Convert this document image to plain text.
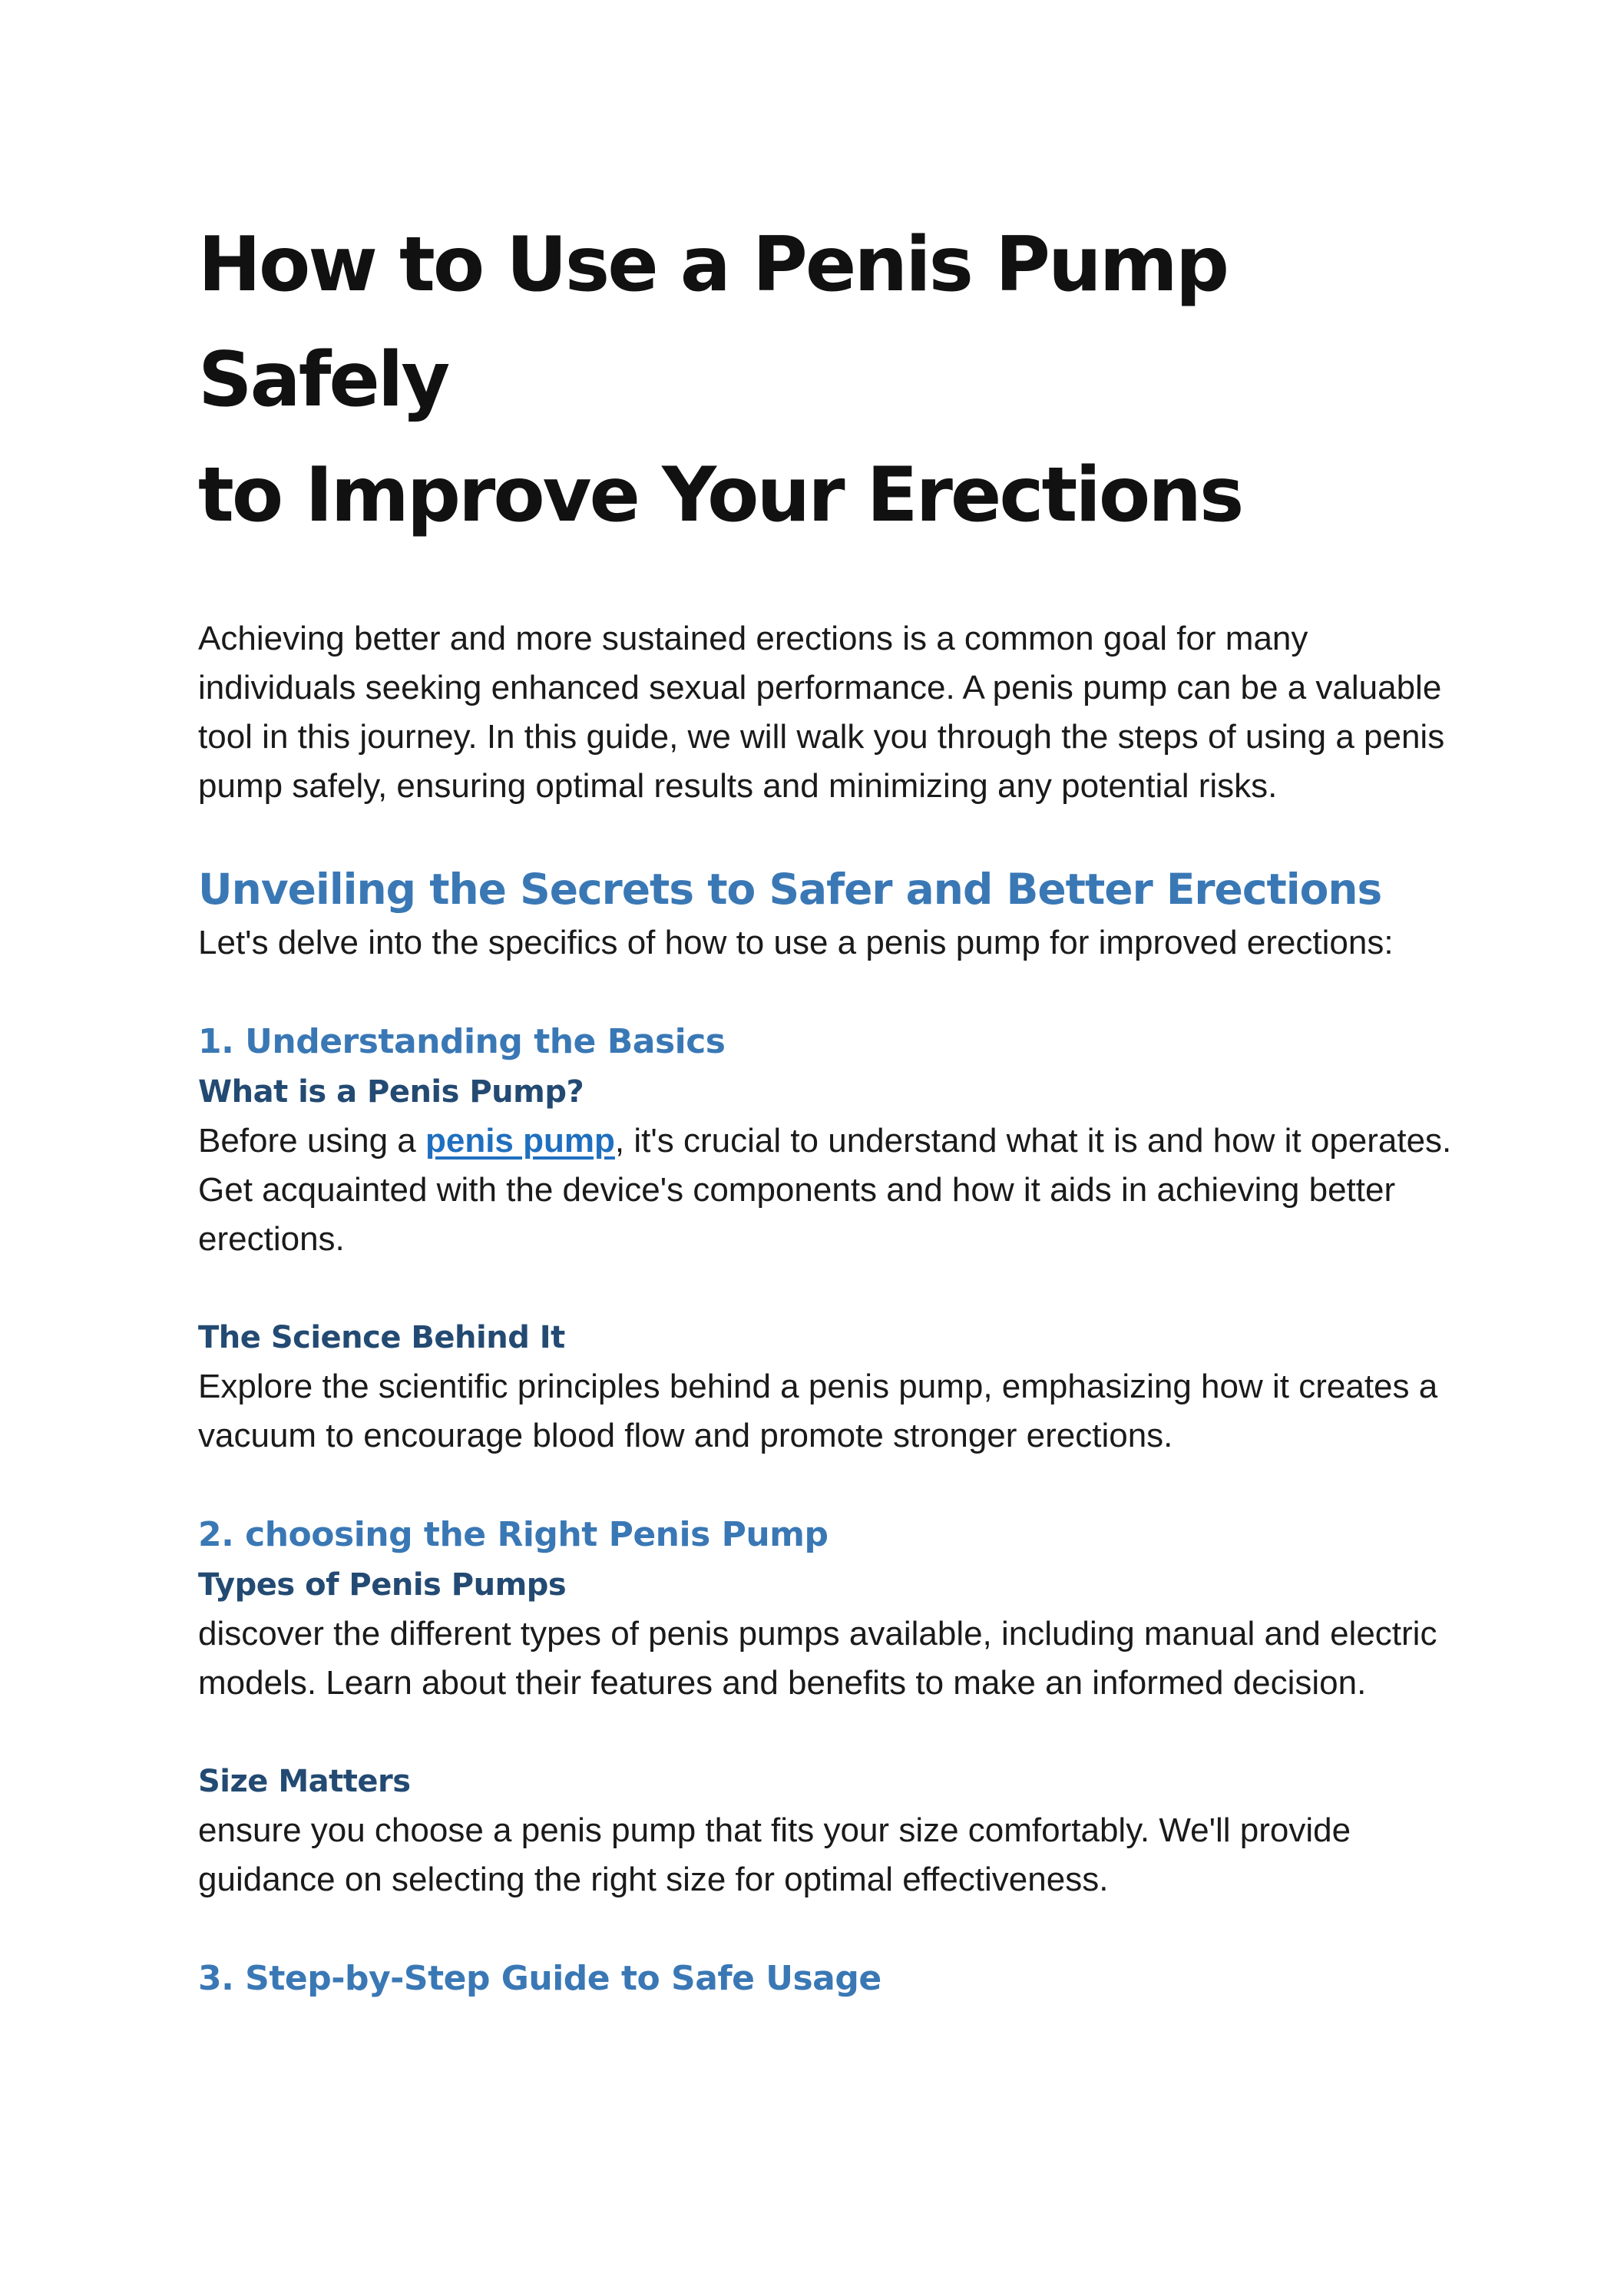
How to Use a Penis Pump Safely
to Improve Your Erections

Achieving better and more sustained erections is a common goal for many individuals seeking enhanced sexual performance. A penis pump can be a valuable tool in this journey. In this guide, we will walk you through the steps of using a penis pump safely, ensuring optimal results and minimizing any potential risks.

Unveiling the Secrets to Safer and Better Erections

Let's delve into the specifics of how to use a penis pump for improved erections:

1. Understanding the Basics
What is a Penis Pump?

Before using a penis pump, it's crucial to understand what it is and how it operates. Get acquainted with the device's components and how it aids in achieving better erections.

The Science Behind It

Explore the scientific principles behind a penis pump, emphasizing how it creates a vacuum to encourage blood flow and promote stronger erections.

2. choosing the Right Penis Pump
Types of Penis Pumps

discover the different types of penis pumps available, including manual and electric models. Learn about their features and benefits to make an informed decision.

Size Matters

ensure you choose a penis pump that fits your size comfortably. We'll provide guidance on selecting the right size for optimal effectiveness.

3. Step-by-Step Guide to Safe Usage
